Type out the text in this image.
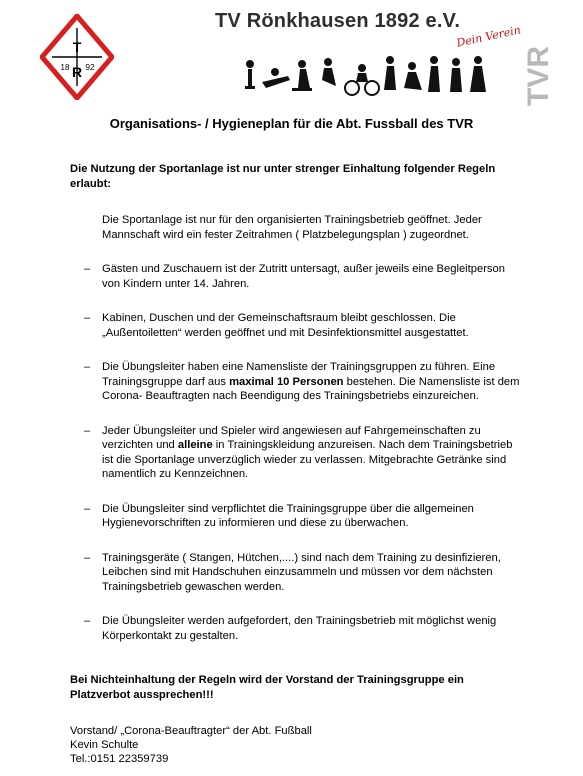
T
R
18 92
TV Rönkhausen 1892 e.V.
Dein Verein
TVR
Organisations- / Hygieneplan für die Abt. Fussball des TVR

Die Nutzung der Sportanlage ist nur unter strenger Einhaltung folgender Regeln erlaubt:

Die Sportanlage ist nur für den organisierten Trainingsbetrieb geöffnet. Jeder Mannschaft wird ein fester Zeitrahmen ( Platzbelegungsplan ) zugeordnet.

– Gästen und Zuschauern ist der Zutritt untersagt, außer jeweils eine Begleitperson von Kindern unter 14. Jahren.

– Kabinen, Duschen und der Gemeinschaftsraum bleibt geschlossen. Die „Außentoiletten“ werden geöffnet und mit Desinfektionsmittel ausgestattet.

– Die Übungsleiter haben eine Namensliste der Trainingsgruppen zu führen. Eine Trainingsgruppe darf aus maximal 10 Personen bestehen. Die Namensliste ist dem Corona- Beauftragten nach Beendigung des Trainingsbetriebs einzureichen.

– Jeder Übungsleiter und Spieler wird angewiesen auf Fahrgemeinschaften zu verzichten und alleine in Trainingskleidung anzureisen. Nach dem Trainingsbetrieb ist die Sportanlage unverzüglich wieder zu verlassen. Mitgebrachte Getränke sind namentlich zu Kennzeichnen.

– Die Übungsleiter sind verpflichtet die Trainingsgruppe über die allgemeinen Hygienevorschriften zu informieren und diese zu überwachen.

– Trainingsgeräte ( Stangen, Hütchen,....) sind nach dem Training zu desinfizieren, Leibchen sind mit Handschuhen einzusammeln und müssen vor dem nächsten Trainingsbetrieb gewaschen werden.

– Die Übungsleiter werden aufgefordert, den Trainingsbetrieb mit möglichst wenig Körperkontakt zu gestalten.

Bei Nichteinhaltung der Regeln wird der Vorstand der Trainingsgruppe ein Platzverbot aussprechen!!!

Vorstand/ „Corona-Beauftragter“ der Abt. Fußball
Kevin Schulte
Tel.:0151 22359739
